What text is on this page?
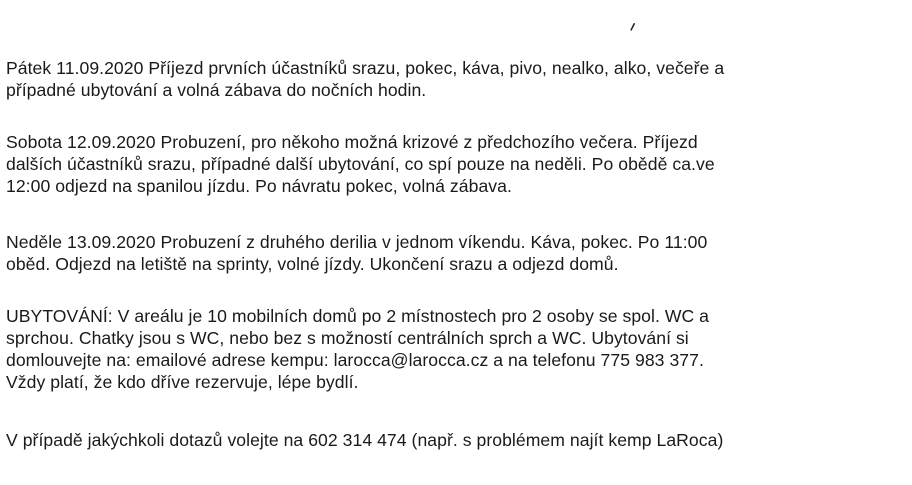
Pátek 11.09.2020 Příjezd prvních účastníků srazu, pokec, káva, pivo, nealko, alko, večeře a
případné ubytování a volná zábava do nočních hodin.

Sobota 12.09.2020 Probuzení, pro někoho možná krizové z předchozího večera. Příjezd
dalších účastníků srazu, případné další ubytování, co spí pouze na neděli. Po obědě ca.ve
12:00 odjezd na spanilou jízdu. Po návratu pokec, volná zábava.

Neděle 13.09.2020 Probuzení z druhého derilia v jednom víkendu. Káva, pokec. Po 11:00
oběd. Odjezd na letiště na sprinty, volné jízdy. Ukončení srazu a odjezd domů.

UBYTOVÁNÍ: V areálu je 10 mobilních domů po 2 místnostech pro 2 osoby se spol. WC a
sprchou. Chatky jsou s WC, nebo bez s možností centrálních sprch a WC. Ubytování si
domlouvejte na: emailové adrese kempu: larocca@larocca.cz a na telefonu 775 983 377.
Vždy platí, že kdo dříve rezervuje, lépe bydlí.

V případě jakýchkoli dotazů volejte na 602 314 474 (např. s problémem najít kemp LaRoca)
